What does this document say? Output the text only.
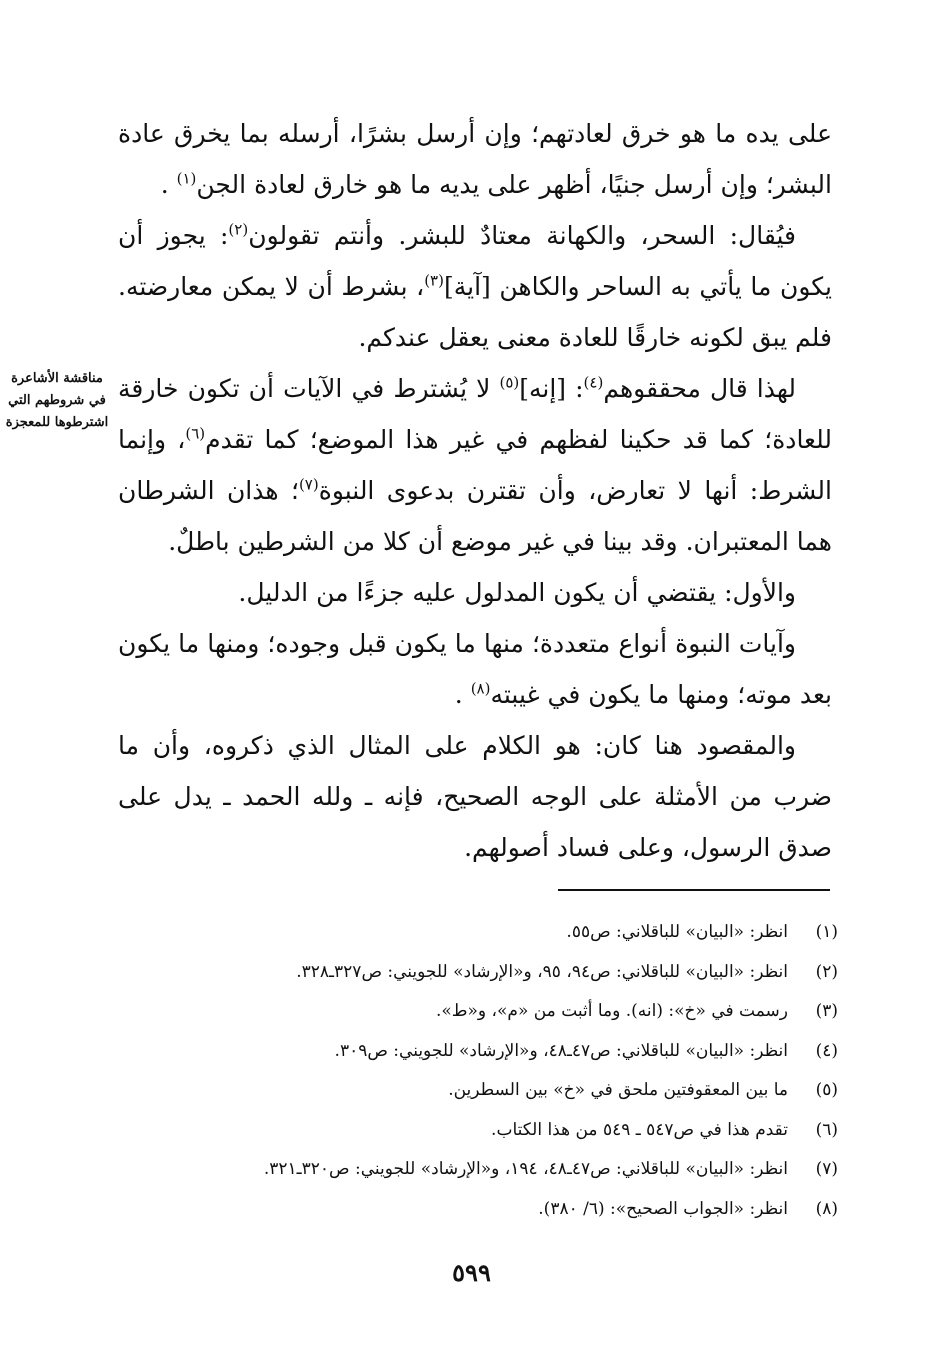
على يده ما هو خرق لعادتهم؛ وإن أرسل بشرًا، أرسله بما يخرق عادة البشر؛ وإن أرسل جنيًا، أظهر على يديه ما هو خارق لعادة الجن$^{(١)}$ .

فيُقال: السحر، والكهانة معتادٌ للبشر. وأنتم تقولون$^{(٢)}$: يجوز أن يكون ما يأتي به الساحر والكاهن [آية]$^{(٣)}$، بشرط أن لا يمكن معارضته. فلم يبق لكونه خارقًا للعادة معنى يعقل عندكم.

لهذا قال محققوهم$^{(٤)}$: [إنه]$^{(٥)}$ لا يُشترط في الآيات أن تكون خارقة للعادة؛ كما قد حكينا لفظهم في غير هذا الموضع؛ كما تقدم$^{(٦)}$، وإنما الشرط: أنها لا تعارض، وأن تقترن بدعوى النبوة$^{(٧)}$؛ هذان الشرطان هما المعتبران. وقد بينا في غير موضع أن كلا من الشرطين باطلٌ.

والأول: يقتضي أن يكون المدلول عليه جزءًا من الدليل.

وآيات النبوة أنواع متعددة؛ منها ما يكون قبل وجوده؛ ومنها ما يكون بعد موته؛ ومنها ما يكون في غيبته$^{(٨)}$ .

والمقصود هنا كان: هو الكلام على المثال الذي ذكروه، وأن ما ضرب من الأمثلة على الوجه الصحيح، فإنه ـ ولله الحمد ـ يدل على صدق الرسول، وعلى فساد أصولهم.

مناقشة الأشاعرة
في شروطهم التي
اشترطوها للمعجزة
(١)انظر: «البيان» للباقلاني: ص٥٥.
(٢)انظر: «البيان» للباقلاني: ص٩٤، ٩٥، و«الإرشاد» للجويني: ص٣٢٧ـ٣٢٨.
(٣)رسمت في «خ»: (انه). وما أثبت من «م»، و«ط».
(٤)انظر: «البيان» للباقلاني: ص٤٧ـ٤٨، و«الإرشاد» للجويني: ص٣٠٩.
(٥)ما بين المعقوفتين ملحق في «خ» بين السطرين.
(٦)تقدم هذا في ص٥٤٧ ـ ٥٤٩ من هذا الكتاب.
(٧)انظر: «البيان» للباقلاني: ص٤٧ـ٤٨، ١٩٤، و«الإرشاد» للجويني: ص٣٢٠ـ٣٢١.
(٨)انظر: «الجواب الصحيح»: (٦/ ٣٨٠).
٥٩٩
